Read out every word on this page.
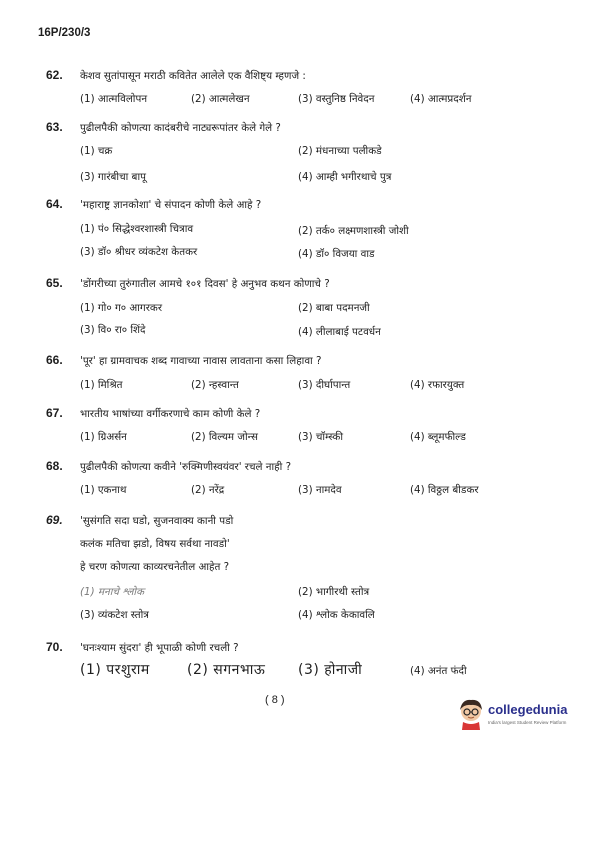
16P/230/3
62. केशव सुतांपासून मराठी कवितेत आलेले एक वैशिष्ट्य म्हणजे :
(1) आत्मविलोपन	(2) आत्मलेखन	(3) वस्तुनिष्ठ निवेदन	(4) आत्मप्रदर्शन
63. पुढीलपैकी कोणत्या कादंबरीचे नाट्यरूपांतर केले गेले ?
(1) चक्र	(2) मंधनाच्या पलीकडे
(3) गारंबीचा बापू	(4) आम्ही भगीरथाचे पुत्र
64. 'महाराष्ट्र ज्ञानकोशा' चे संपादन कोणी केले आहे ?
(1) पं० सिद्धेश्वरशास्त्री चित्राव	(2) तर्क० लक्ष्मणशास्त्री जोशी
(3) डॉ० श्रीधर व्यंकटेश केतकर	(4) डॉ० विजया वाड
65. 'डोंगरीच्या तुरुंगातील आमचे १०१ दिवस' हे अनुभव कथन कोणाचे ?
(1) गो० ग० आगरकर	(2) बाबा पदमनजी
(3) वि० रा० शिंदे	(4) लीलाबाई पटवर्धन
66. 'पूर' हा ग्रामवाचक शब्द गावाच्या नावास लावताना कसा लिहावा ?
(1) मिश्रित	(2) न्हस्वान्त	(3) दीर्घापान्त	(4) रफारयुक्त
67. भारतीय भाषांच्या वर्गीकरणाचे काम कोणी केले ?
(1) ग्रिअर्सन	(2) विल्यम जोन्स	(3) चॉम्स्की	(4) ब्लूमफील्ड
68. पुढीलपैकी कोणत्या कवीने 'रुक्मिणीस्वयंवर' रचले नाही ?
(1) एकनाथ	(2) नरेंद्र	(3) नामदेव	(4) विठ्ठल बीडकर
69. 'सुसंगति सदा घडो, सुजनवाक्य कानी पडो
कलंक मतिचा झडो, विषय सर्वथा नावडो'
हे चरण कोणत्या काव्यरचनेतील आहेत ?
(1) मनाचे श्लोक	(2) भागीरथी स्तोत्र
(3) व्यंकटेश स्तोत्र	(4) श्लोक केकावलि
70. 'घनःश्याम सुंदरा' ही भूपाळी कोणी रचली ?
(1) परशुराम	(2) सगनभाऊ (3) होनाजी	(4) अनंत फंदी
( 8 )
collegedunia
India's largest Student Review Platform
